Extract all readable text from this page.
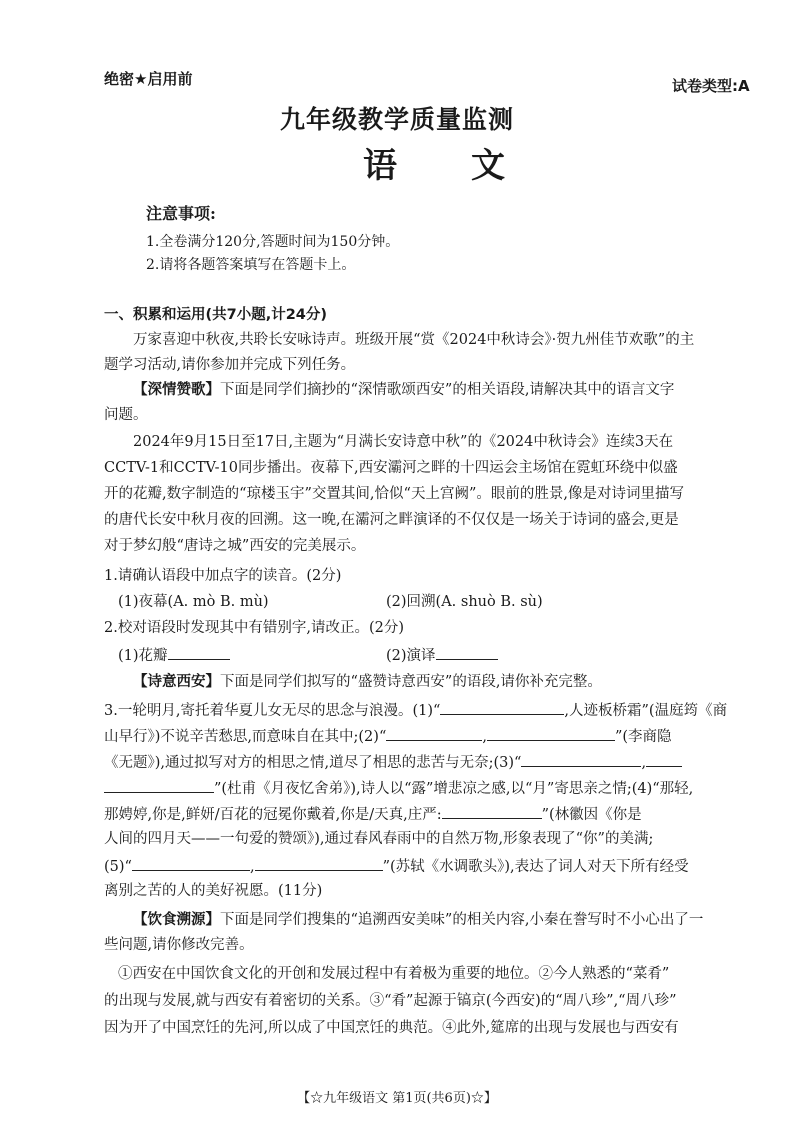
绝密★启用前	试卷类型:A
九年级教学质量监测
语 文
注意事项:
1.全卷满分120分,答题时间为150分钟。
2.请将各题答案填写在答题卡上。
一、积累和运用(共7小题,计24分)
万家喜迎中秋夜,共聆长安咏诗声。班级开展“赏《2024中秋诗会》·贺九州佳节欢歌”的主
题学习活动,请你参加并完成下列任务。
【深情赞歌】下面是同学们摘抄的“深情歌颂西安”的相关语段,请解决其中的语言文字
问题。
2024年9月15日至17日,主题为“月满长安诗意中秋”的《2024中秋诗会》连续3天在
CCTV-1和CCTV-10同步播出。夜幕下,西安灞河之畔的十四运会主场馆在霓虹环绕中似盛
开的花瓣,数字制造的“琼楼玉宇”交置其间,恰似“天上宫阙”。眼前的胜景,像是对诗词里描写
的唐代长安中秋月夜的回溯。这一晚,在灞河之畔演译的不仅仅是一场关于诗词的盛会,更是
对于梦幻般“唐诗之城”西安的完美展示。
1.请确认语段中加点字的读音。(2分)
(1)夜幕(A. mò B. mù)	(2)回溯(A. shuò B. sù)
2.校对语段时发现其中有错别字,请改正。(2分)
(1)花瓣	(2)演译
【诗意西安】下面是同学们拟写的“盛赞诗意西安”的语段,请你补充完整。
3.一轮明月,寄托着华夏儿女无尽的思念与浪漫。(1)“	,人迹板桥霜”(温庭筠《商
山早行》)不说辛苦愁思,而意味自在其中;(2)“	,	”(李商隐
《无题》),通过拟写对方的相思之情,道尽了相思的悲苦与无奈;(3)“	,
”(杜甫《月夜忆舍弟》),诗人以“露”增悲凉之感,以“月”寄思亲之情;(4)“那轻,
那娉婷,你是,鲜妍/百花的冠冕你戴着,你是/天真,庄严:	”(林徽因《你是
人间的四月天——一句爱的赞颂》),通过春风春雨中的自然万物,形象表现了“你”的美满;
(5)“	,	”(苏轼《水调歌头》),表达了词人对天下所有经受
离别之苦的人的美好祝愿。(11分)
【饮食溯源】下面是同学们搜集的“追溯西安美味”的相关内容,小秦在誊写时不小心出了一
些问题,请你修改完善。
①西安在中国饮食文化的开创和发展过程中有着极为重要的地位。②今人熟悉的“菜肴”
的出现与发展,就与西安有着密切的关系。③“肴”起源于镐京(今西安)的“周八珍”,“周八珍”
因为开了中国烹饪的先河,所以成了中国烹饪的典范。④此外,筵席的出现与发展也与西安有
【☆九年级语文 第1页(共6页)☆】
